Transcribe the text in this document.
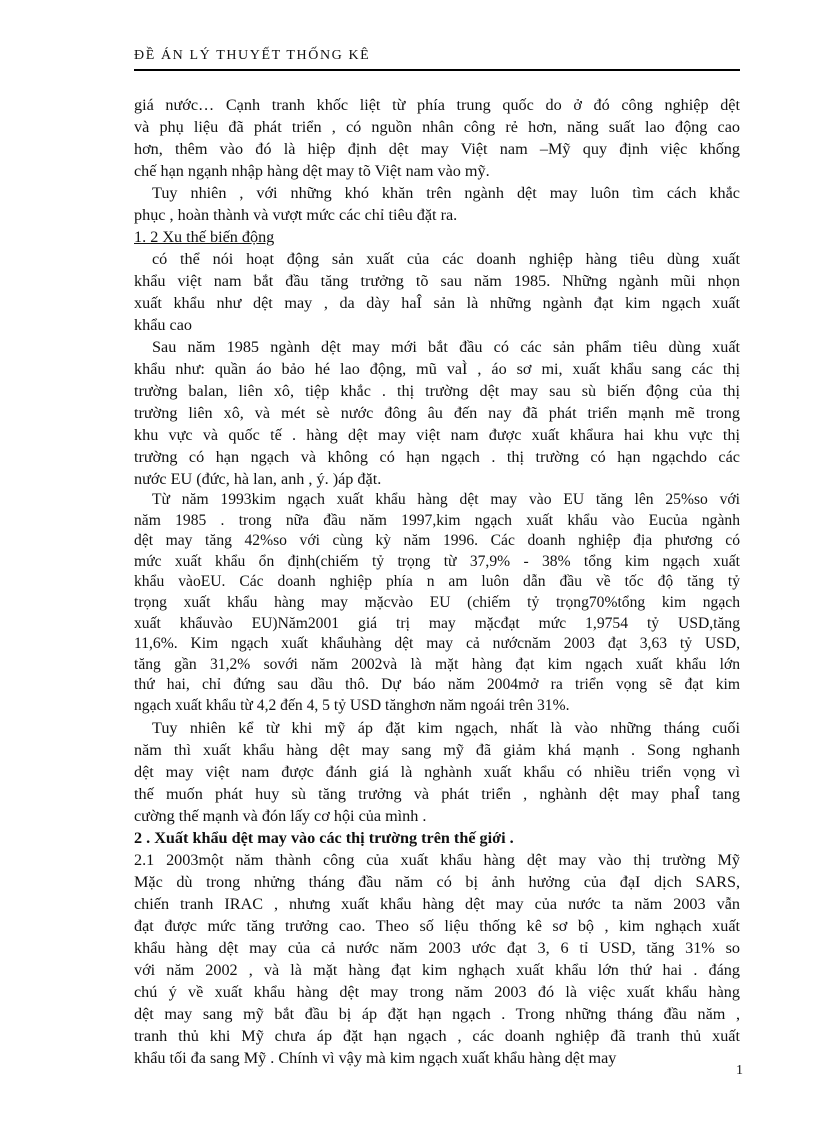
ĐỀ ÁN LÝ THUYẾT THỐNG KÊ
giá nước… Cạnh tranh khốc liệt từ phía trung quốc do ở đó công nghiệp dệt
và phụ liệu đã phát triển , có nguồn nhân công rẻ hơn, năng suất lao động cao
hơn, thêm vào đó là hiệp định dệt may Việt nam –Mỹ quy định việc khống
chế hạn ngạnh nhập hàng dệt may tõ Việt nam vào mỹ.
Tuy nhiên , với những khó khăn trên ngành dệt may luôn tìm cách khắc
phục , hoàn thành và vượt mức các chỉ tiêu đặt ra.
1. 2 Xu thế biến động
có thể nói hoạt động sản xuất của các doanh nghiệp hàng tiêu dùng xuất
khẩu việt nam bắt đầu tăng trưởng tõ sau năm 1985. Những ngành mũi nhọn
xuất khẩu như dệt may , da dày haÎ sản là những ngành đạt kim ngạch xuất
khẩu cao
Sau năm 1985 ngành dệt may mới bắt đầu có các sản phẩm tiêu dùng xuất
khẩu như: quần áo bảo hé lao động, mũ vaÌ , áo sơ mi, xuất khẩu sang các thị
trường balan, liên xô, tiệp khắc . thị trường dệt may sau sù biến động của thị
trường liên xô, và mét sè nước đông âu đến nay đã phát triển mạnh mẽ trong
khu vực và quốc tế . hàng dệt may việt nam được xuất khẩura hai khu vực thị
trường có hạn ngạch và không có hạn ngạch . thị trường có hạn ngạchdo các
nước EU (đức, hà lan, anh , ý. )áp đặt.
Từ năm 1993kim ngạch xuất khẩu hàng dệt may vào EU tăng lên 25%so với
năm 1985 . trong nữa đầu năm 1997,kim ngạch xuất khẩu vào Eucủa ngành
dệt may tăng 42%so với cùng kỳ năm 1996. Các doanh nghiệp địa phương có
mức xuất khẩu ổn định(chiếm tỷ trọng từ 37,9% - 38% tổng kim ngạch xuất
khẩu vàoEU. Các doanh nghiệp phía n am luôn dẫn đầu về tốc độ tăng tỷ
trọng xuất khẩu hàng may mặcvào EU (chiếm tỷ trọng70%tổng kim ngạch
xuất khẩuvào EU)Năm2001 giá trị may mặcđạt mức 1,9754 tỷ USD,tăng
11,6%. Kim ngạch xuất khẩuhàng dệt may cả nướcnăm 2003 đạt 3,63 tỷ USD,
tăng gần 31,2% sovới năm 2002và là mặt hàng đạt kim ngạch xuất khẩu lớn
thứ hai, chỉ đứng sau dầu thô. Dự báo năm 2004mở ra triển vọng sẽ đạt kim
ngạch xuất khẩu từ 4,2 đến 4, 5 tỷ USD tănghơn năm ngoái trên 31%.
Tuy nhiên kể từ khi mỹ áp đặt kim ngạch, nhất là vào những tháng cuối
năm thì xuất khẩu hàng dệt may sang mỹ đã giảm khá mạnh . Song nghanh
dệt may việt nam được đánh giá là nghành xuất khẩu có nhiều triển vọng vì
thế muốn phát huy sù tăng trưởng và phát triển , nghành dệt may phaÎ tang
cường thế mạnh và đón lấy cơ hội của mình .
2 . Xuất khẩu dệt may vào các thị trường trên thế giới .
2.1 2003một năm thành công của xuất khẩu hàng dệt may vào thị trường Mỹ
Mặc dù trong nhửng tháng đầu năm có bị ảnh hưởng của đạI dịch SARS,
chiến tranh IRAC , nhưng xuất khẩu hàng dệt may của nước ta năm 2003 vẫn
đạt được mức tăng trưởng cao. Theo số liệu thống kê sơ bộ , kim nghạch xuất
khẩu hàng dệt may của cả nước năm 2003 ước đạt 3, 6 tỉ USD, tăng 31% so
với năm 2002 , và là mặt hàng đạt kim nghạch xuất khẩu lớn thứ hai . đáng
chú ý về xuất khẩu hàng dệt may trong năm 2003 đó là việc xuất khẩu hàng
dệt may sang mỹ bắt đầu bị áp đặt hạn ngạch . Trong những tháng đầu năm ,
tranh thủ khi Mỹ chưa áp đặt hạn ngạch , các doanh nghiệp đã tranh thủ xuất
khẩu tối đa sang Mỹ . Chính vì vậy mà kim ngạch xuất khẩu hàng dệt may
1
